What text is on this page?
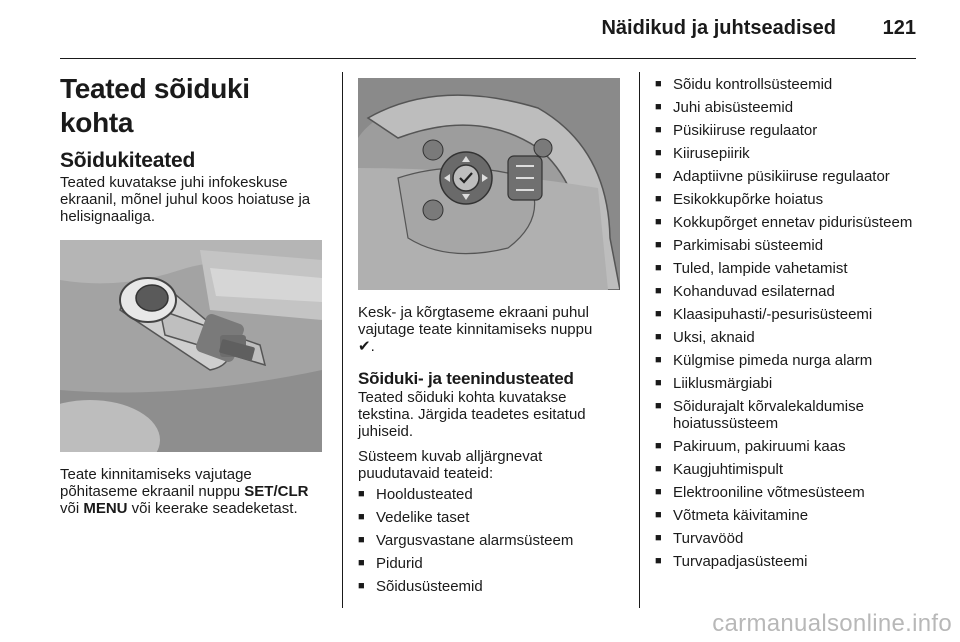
Näidikud ja juhtseadised 121
Teated sõiduki kohta
Sõidukiteated

Teated kuvatakse juhi infokeskuse ekraanil, mõnel juhul koos hoiatuse ja helisignaaliga.

Teate kinnitamiseks vajutage põhitaseme ekraanil nuppu SET/CLR või MENU või keerake seadeketast.

Kesk- ja kõrgtaseme ekraani puhul vajutage teate kinnitamiseks nuppu
✔.

Sõiduki- ja teenindusteated

Teated sõiduki kohta kuvatakse tekstina. Järgida teadetes esitatud juhiseid.

Süsteem kuvab alljärgnevat puudutavaid teateid:

■ Hooldusteated
■ Vedelike taset
■ Vargusvastane alarmsüsteem
■ Pidurid
■ Sõidusüsteemid
■ Sõidu kontrollsüsteemid
■ Juhi abisüsteemid
■ Püsikiiruse regulaator
■ Kiirusepiirik
■ Adaptiivne püsikiiruse regulaator
■ Esikokkupõrke hoiatus
■ Kokkupõrget ennetav pidurisüsteem
■ Parkimisabi süsteemid
■ Tuled, lampide vahetamist
■ Kohanduvad esilaternad
■ Klaasipuhasti/-pesurisüsteemi
■ Uksi, aknaid
■ Külgmise pimeda nurga alarm
■ Liiklusmärgiabi
■ Sõidurajalt kõrvalekaldumise hoiatussüsteem
■ Pakiruum, pakiruumi kaas
■ Kaugjuhtimispult
■ Elektrooniline võtmesüsteem
■ Võtmeta käivitamine
■ Turvavööd
■ Turvapadjasüsteemi
carmanualsonline.info
